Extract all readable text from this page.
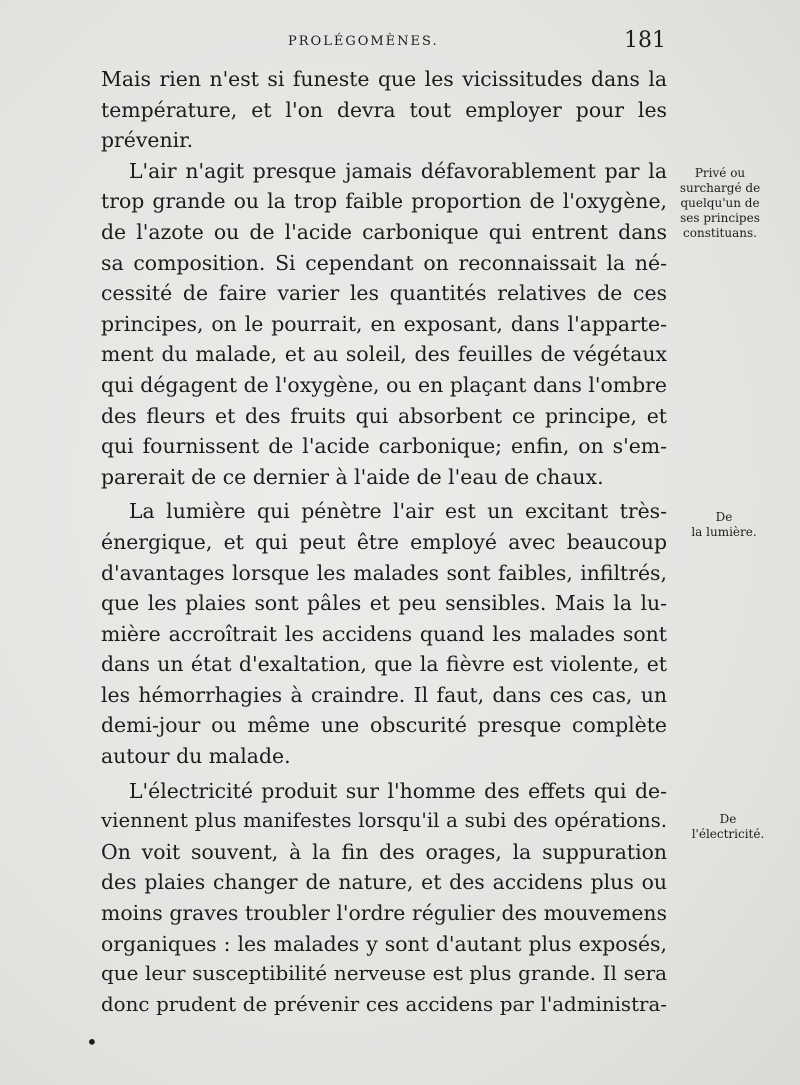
PROLÉGOMÈNES.	181
Mais rien n'est si funeste que les vicissitudes dans la
température, et l'on devra tout employer pour les
prévenir.
L'air n'agit presque jamais défavorablement par la
trop grande ou la trop faible proportion de l'oxygène,
de l'azote ou de l'acide carbonique qui entrent dans
sa composition. Si cependant on reconnaissait la né-
cessité de faire varier les quantités relatives de ces
principes, on le pourrait, en exposant, dans l'apparte-
ment du malade, et au soleil, des feuilles de végétaux
qui dégagent de l'oxygène, ou en plaçant dans l'ombre
des fleurs et des fruits qui absorbent ce principe, et
qui fournissent de l'acide carbonique; enfin, on s'em-
parerait de ce dernier à l'aide de l'eau de chaux.
La lumière qui pénètre l'air est un excitant très-
énergique, et qui peut être employé avec beaucoup
d'avantages lorsque les malades sont faibles, infiltrés,
que les plaies sont pâles et peu sensibles. Mais la lu-
mière accroîtrait les accidens quand les malades sont
dans un état d'exaltation, que la fièvre est violente, et
les hémorrhagies à craindre. Il faut, dans ces cas, un
demi-jour ou même une obscurité presque complète
autour du malade.
L'électricité produit sur l'homme des effets qui de-
viennent plus manifestes lorsqu'il a subi des opérations.
On voit souvent, à la fin des orages, la suppuration
des plaies changer de nature, et des accidens plus ou
moins graves troubler l'ordre régulier des mouvemens
organiques : les malades y sont d'autant plus exposés,
que leur susceptibilité nerveuse est plus grande. Il sera
donc prudent de prévenir ces accidens par l'administra-
Privé ou
surchargé de
quelqu'un de
ses principes
constituans.
De
la lumière.
De
l'électricité.
•
